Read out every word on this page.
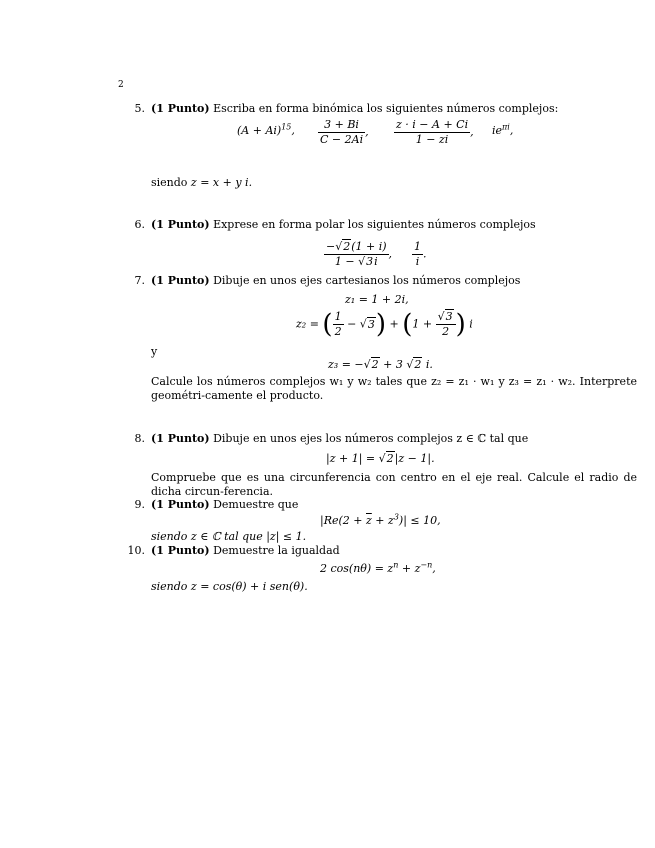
2
5. (1 Punto) Escriba en forma binómica los siguientes números complejos:
$(A + Ai)^{15}$, $\frac{3 + Bi}{C - 2Ai}$ , $\frac{z \cdot i - A + Ci}{1 - \overline{z}i}$ , $ie^{\pi i}$,
siendo z = x + y i.
6. (1 Punto) Exprese en forma polar los siguientes números complejos
$\frac{-√2(1 + i)}{1 - √3i}$ , $\frac{1}{i}$ .
7. (1 Punto) Dibuje en unos ejes cartesianos los números complejos
z₁ = 1 + 2i,
z₂ = ( $\frac{1}{2} - √3) + (1 + \frac{√3}{2}$ ) i
y
z₃ = −√2 + 3 √2 i.
Calcule los números complejos w₁ y w₂ tales que z₂ = z₁ · w₁ y z₃ = z₁ · w₂. Interprete geométri-camente el producto.
8. (1 Punto) Dibuje en unos ejes los números complejos z ∈ ℂ tal que
|z + 1| = √2|z − 1|.
Compruebe que es una circunferencia con centro en el eje real. Calcule el radio de dicha circun-ferencia.
9. (1 Punto) Demuestre que
$|Re(2 + \overline{z} + z^3)| \le 10$,
siendo z ∈ ℂ tal que |z| ≤ 1.
10. (1 Punto) Demuestre la igualdad
2 $\cos(n\theta) = z^n + z^{-n}$,
siendo z = cos(θ) + i sen(θ).
